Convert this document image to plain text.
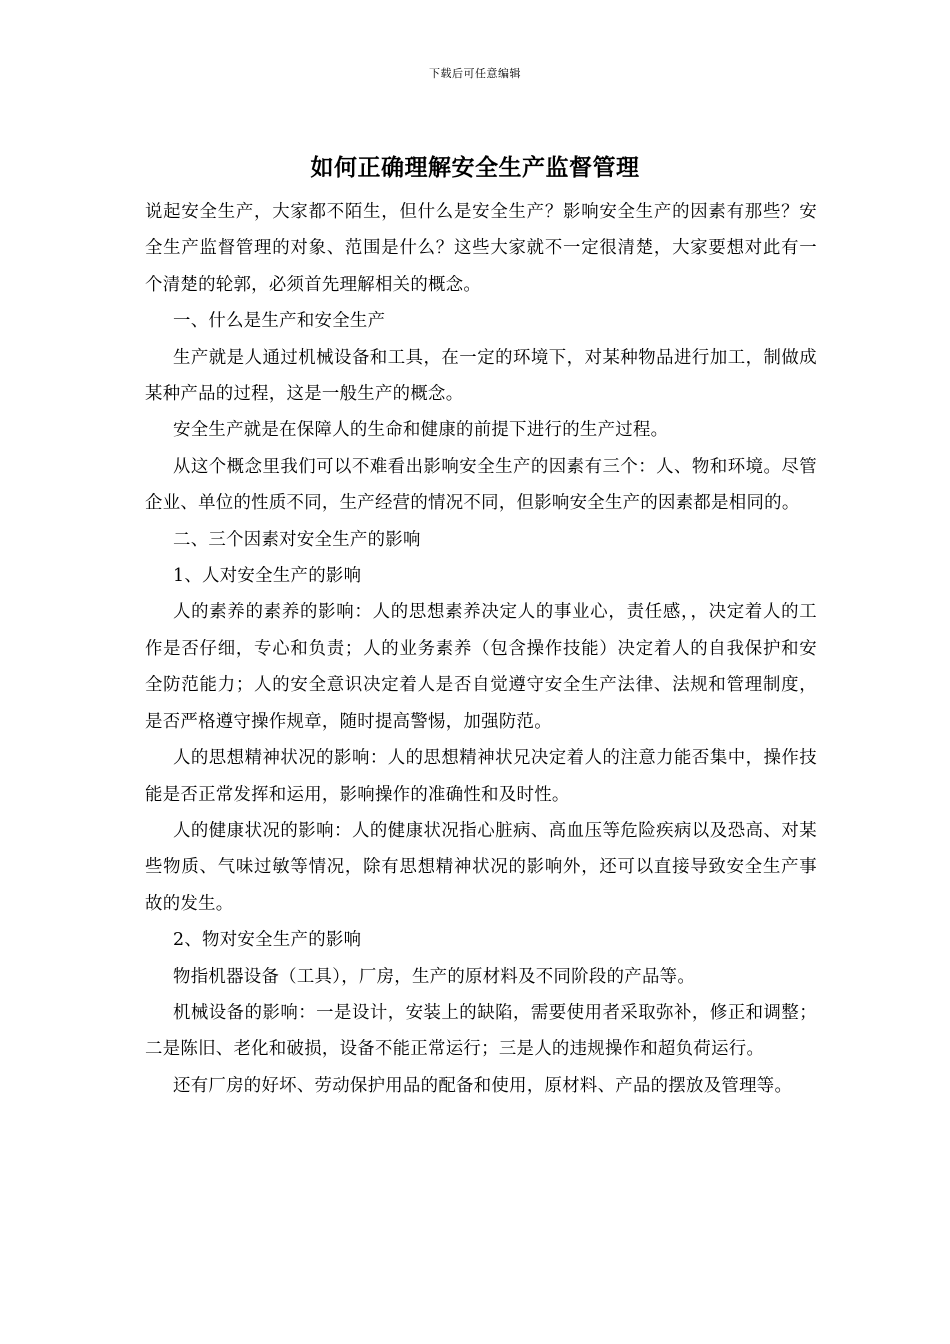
下载后可任意编辑
如何正确理解安全生产监督管理

说起安全生产，大家都不陌生，但什么是安全生产？影响安全生产的因素有那些？安全生产监督管理的对象、范围是什么？这些大家就不一定很清楚，大家要想对此有一个清楚的轮郭，必须首先理解相关的概念。

一、什么是生产和安全生产

生产就是人通过机械设备和工具，在一定的环境下，对某种物品进行加工，制做成某种产品的过程，这是一般生产的概念。

安全生产就是在保障人的生命和健康的前提下进行的生产过程。

从这个概念里我们可以不难看出影响安全生产的因素有三个：人、物和环境。尽管企业、单位的性质不同，生产经营的情况不同，但影响安全生产的因素都是相同的。

二、三个因素对安全生产的影响

1、人对安全生产的影响

人的素养的素养的影响：人的思想素养决定人的事业心，责任感，，决定着人的工作是否仔细，专心和负责；人的业务素养（包含操作技能）决定着人的自我保护和安全防范能力；人的安全意识决定着人是否自觉遵守安全生产法律、法规和管理制度，是否严格遵守操作规章，随时提高警惕，加强防范。

人的思想精神状况的影响：人的思想精神状兄决定着人的注意力能否集中，操作技能是否正常发挥和运用，影响操作的准确性和及时性。

人的健康状况的影响：人的健康状况指心脏病、高血压等危险疾病以及恐高、对某些物质、气味过敏等情况，除有思想精神状况的影响外，还可以直接导致安全生产事故的发生。

2、物对安全生产的影响

物指机器设备（工具），厂房，生产的原材料及不同阶段的产品等。

机械设备的影响：一是设计，安装上的缺陷，需要使用者采取弥补，修正和调整；二是陈旧、老化和破损，设备不能正常运行；三是人的违规操作和超负荷运行。

还有厂房的好坏、劳动保护用品的配备和使用，原材料、产品的摆放及管理等。
